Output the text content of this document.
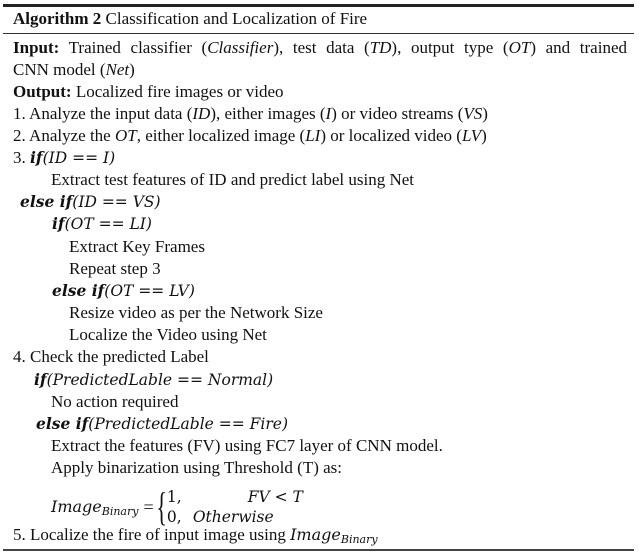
Algorithm 2 Classification and Localization of Fire
Input: Trained classifier (Classifier), test data (TD), output type (OT) and trained
CNN model (Net)
Output: Localized fire images or video
1. Analyze the input data (ID), either images (I) or video streams (VS)
2. Analyze the OT, either localized image (LI) or localized video (LV)
3. if(ID == I)
Extract test features of ID and predict label using Net
else if(ID == VS)
if(OT == LI)
Extract Key Frames
Repeat step 3
else if(OT == LV)
Resize video as per the Network Size
Localize the Video using Net
4. Check the predicted Label
if(PredictedLable == Normal)
No action required
else if(PredictedLable == Fire)
Extract the features (FV) using FC7 layer of CNN model.
Apply binarization using Threshold (T) as:
Image$_{Binary}$ = { 1,	FV < T
0, Otherwise
5. Localize the fire of input image using Image$_{Binary}$
